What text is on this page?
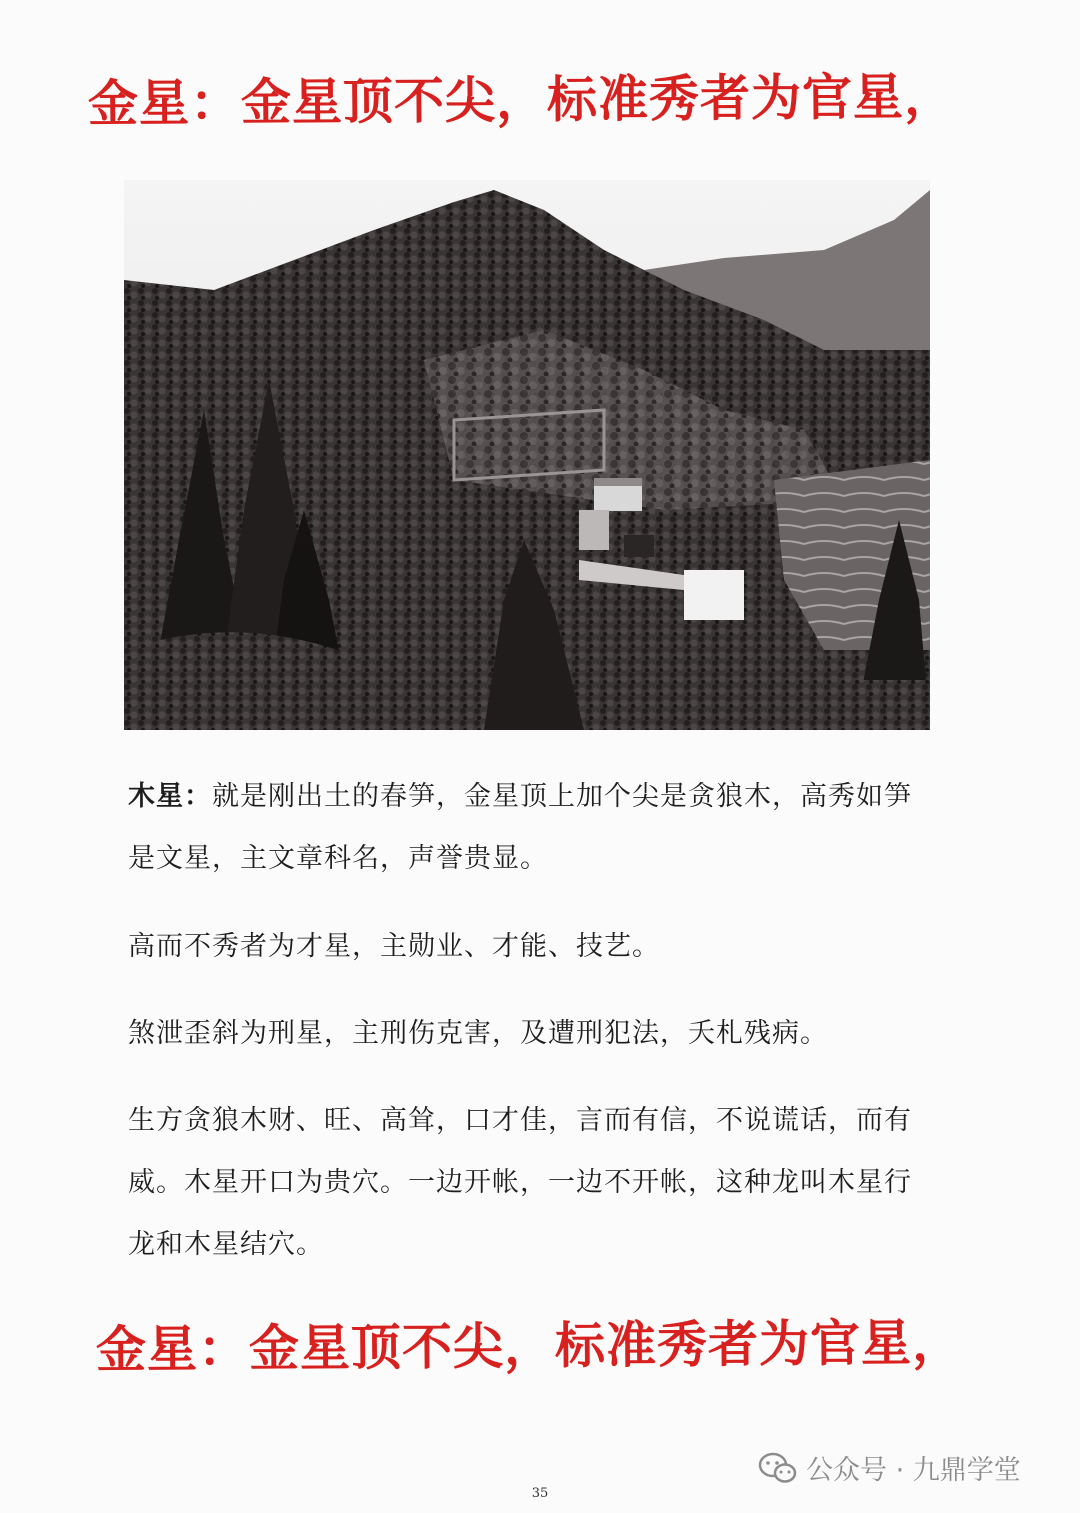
金星：金星顶不尖，标准秀者为官星，
木星：就是刚出土的春笋，金星顶上加个尖是贪狼木，高秀如笋是文星，主文章科名，声誉贵显。

高而不秀者为才星，主勋业、才能、技艺。

煞泄歪斜为刑星，主刑伤克害，及遭刑犯法，夭札残病。

生方贪狼木财、旺、高耸，口才佳，言而有信，不说谎话，而有威。木星开口为贵穴。一边开帐，一边不开帐，这种龙叫木星行龙和木星结穴。

金星：金星顶不尖，标准秀者为官星，
公众号 · 九鼎学堂
35
